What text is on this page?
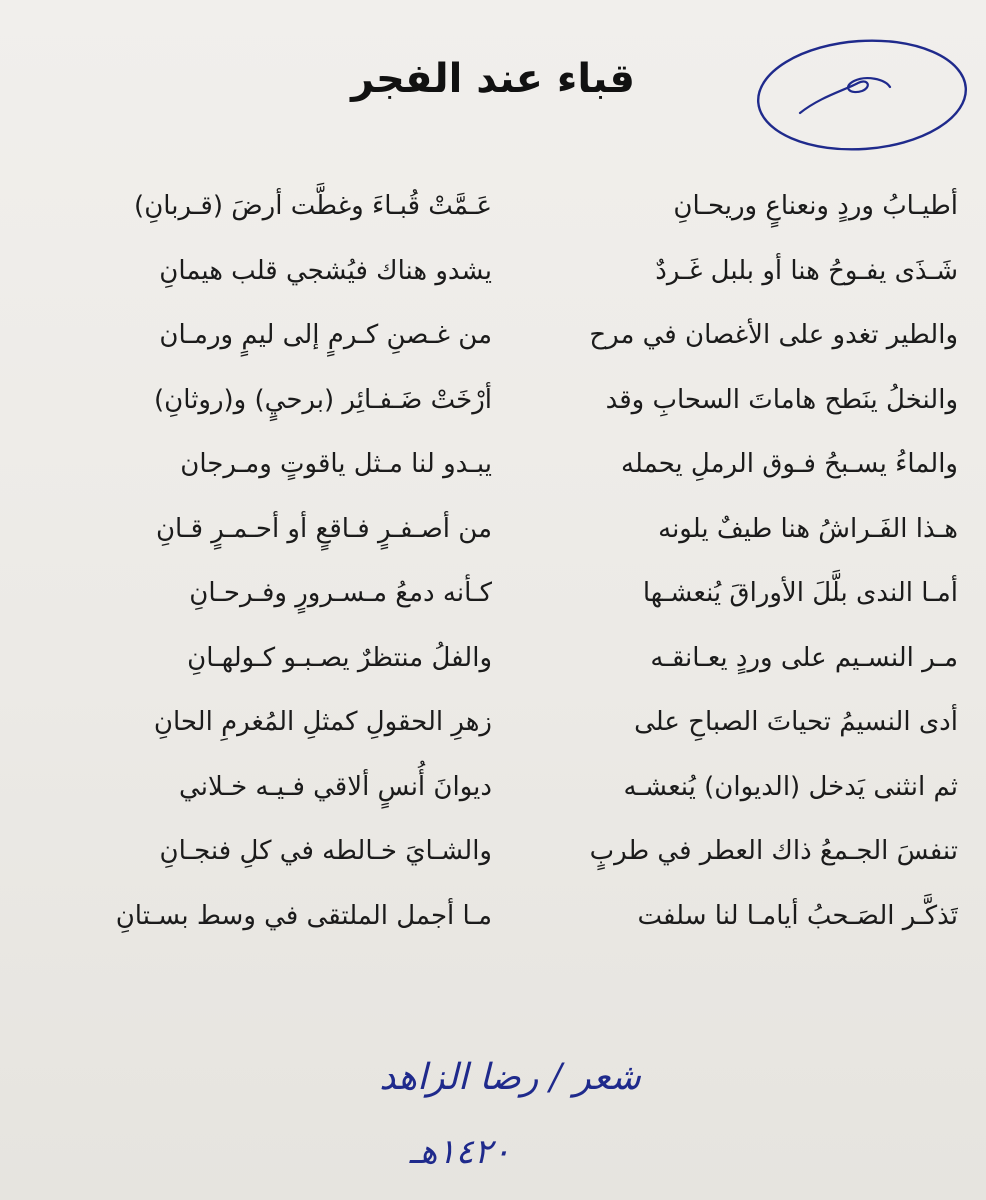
٩
قباء عند الفجر
أطيـابُ وردٍ ونعناعٍ وريحـانِ
عَـمَّتْ قُبـاءَ وغطَّت أرضَ (قـربانِ)
شَـذَى يفـوحُ هنا أو بلبل غَـردٌ
يشدو هناك فيُشجي قلب هيمانِ
والطير تغدو على الأغصان في مرح
من غـصنِ كـرمٍ إلى ليمٍ ورمـان
والنخلُ ينَطح هاماتَ السحابِ وقد
أرْخَتْ ضَـفـائِر (برحيٍ) و(روثانِ)
والماءُ يسـبحُ فـوق الرملِ يحمله
يبـدو لنا مـثل ياقوتٍ ومـرجان
هـذا الفَـراشُ هنا طيفٌ يلونه
من أصـفـرٍ فـاقعٍ أو أحـمـرٍ قـانِ
أمـا الندى بلَّلَ الأوراقَ يُنعشـها
كـأنه دمعُ مـسـرورٍ وفـرحـانِ
مـر النسـيم على وردٍ يعـانقـه
والفلُ منتظرٌ يصـبـو كـولهـانِ
أدى النسيمُ تحياتَ الصباحِ على
زهرِ الحقولِ كمثلِ المُغرمِ الحانِ
ثم انثنى يَدخل (الديوان) يُنعشـه
ديوانَ أُنسٍ ألاقي فـيـه خـلاني
تنفسَ الجـمعُ ذاك العطر في طربٍ
والشـايَ خـالطه في كلِ فنجـانِ
تَذكَّـر الصَـحبُ أيامـا لنا سلفت
مـا أجمل الملتقى في وسط بسـتانِ
شعر / رضا الزاهد
١٤٢٠هـ
